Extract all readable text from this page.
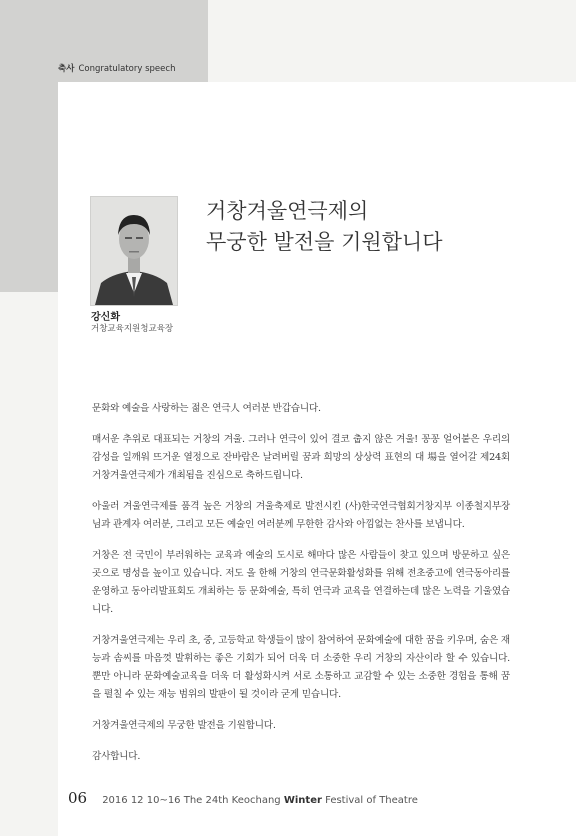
축사 Congratulatory speech
강신화
거창교육지원청교육장
거창겨울연극제의
무궁한 발전을 기원합니다

문화와 예술을 사랑하는 젊은 연극人 여러분 반갑습니다.

매서운 추위로 대표되는 거창의 겨울. 그러나 연극이 있어 결코 춥지 않은 겨울! 꽁꽁 얼어붙은 우리의 감성을 일깨워 뜨거운 열정으로 잔바람은 날려버릴 꿈과 희망의 상상력 표현의 대 場을 열어갈 제24회 거창겨울연극제가 개최됨을 진심으로 축하드립니다.

아울러 겨울연극제를 품격 높은 거창의 겨울축제로 발전시킨 (사)한국연극협회거창지부 이종철지부장님과 관계자 여러분, 그리고 모든 예술인 여러분께 무한한 감사와 아낌없는 찬사를 보냅니다.

거창은 전 국민이 부러워하는 교육과 예술의 도시로 해마다 많은 사람들이 찾고 있으며 방문하고 싶은 곳으로 명성을 높이고 있습니다. 저도 올 한해 거창의 연극문화활성화를 위해 전초중고에 연극동아리를 운영하고 동아리발표회도 개최하는 등 문화예술, 특히 연극과 교육을 연결하는데 많은 노력을 기울였습니다.

거창겨울연극제는 우리 초, 중, 고등학교 학생들이 많이 참여하여 문화예술에 대한 꿈을 키우며, 숨은 재능과 솜씨를 마음껏 발휘하는 좋은 기회가 되어 더욱 더 소중한 우리 거창의 자산이라 할 수 있습니다. 뿐만 아니라 문화예술교육을 더욱 더 활성화시켜 서로 소통하고 교감할 수 있는 소중한 경험을 통해 꿈을 펼칠 수 있는 재능 범위의 발판이 될 것이라 굳게 믿습니다.

거창겨울연극제의 무궁한 발전을 기원합니다.

감사합니다.

06 2016 12 10~16 The 24th Keochang Winter Festival of Theatre
